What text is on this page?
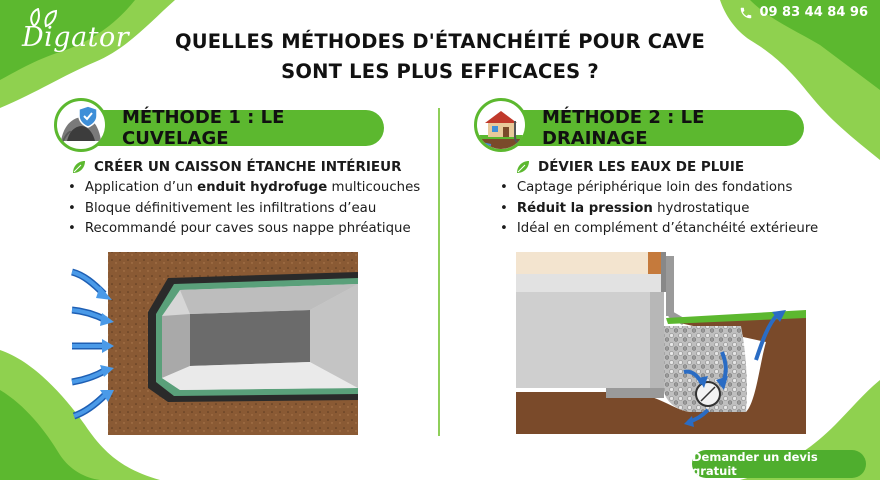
Digator
09 83 44 84 96
QUELLES MÉTHODES D'ÉTANCHÉITÉ POUR CAVE
SONT LES PLUS EFFICACES ?
MÉTHODE 1 : LE CUVELAGE
CRÉER UN CAISSON ÉTANCHE INTÉRIEUR
• Application d’un enduit hydrofuge multicouches
• Bloque définitivement les infiltrations d’eau
• Recommandé pour caves sous nappe phréatique
MÉTHODE 2 : LE DRAINAGE
DÉVIER LES EAUX DE PLUIE
• Captage périphérique loin des fondations
• Réduit la pression hydrostatique
• Idéal en complément d’étanchéité extérieure
Demander un devis gratuit
